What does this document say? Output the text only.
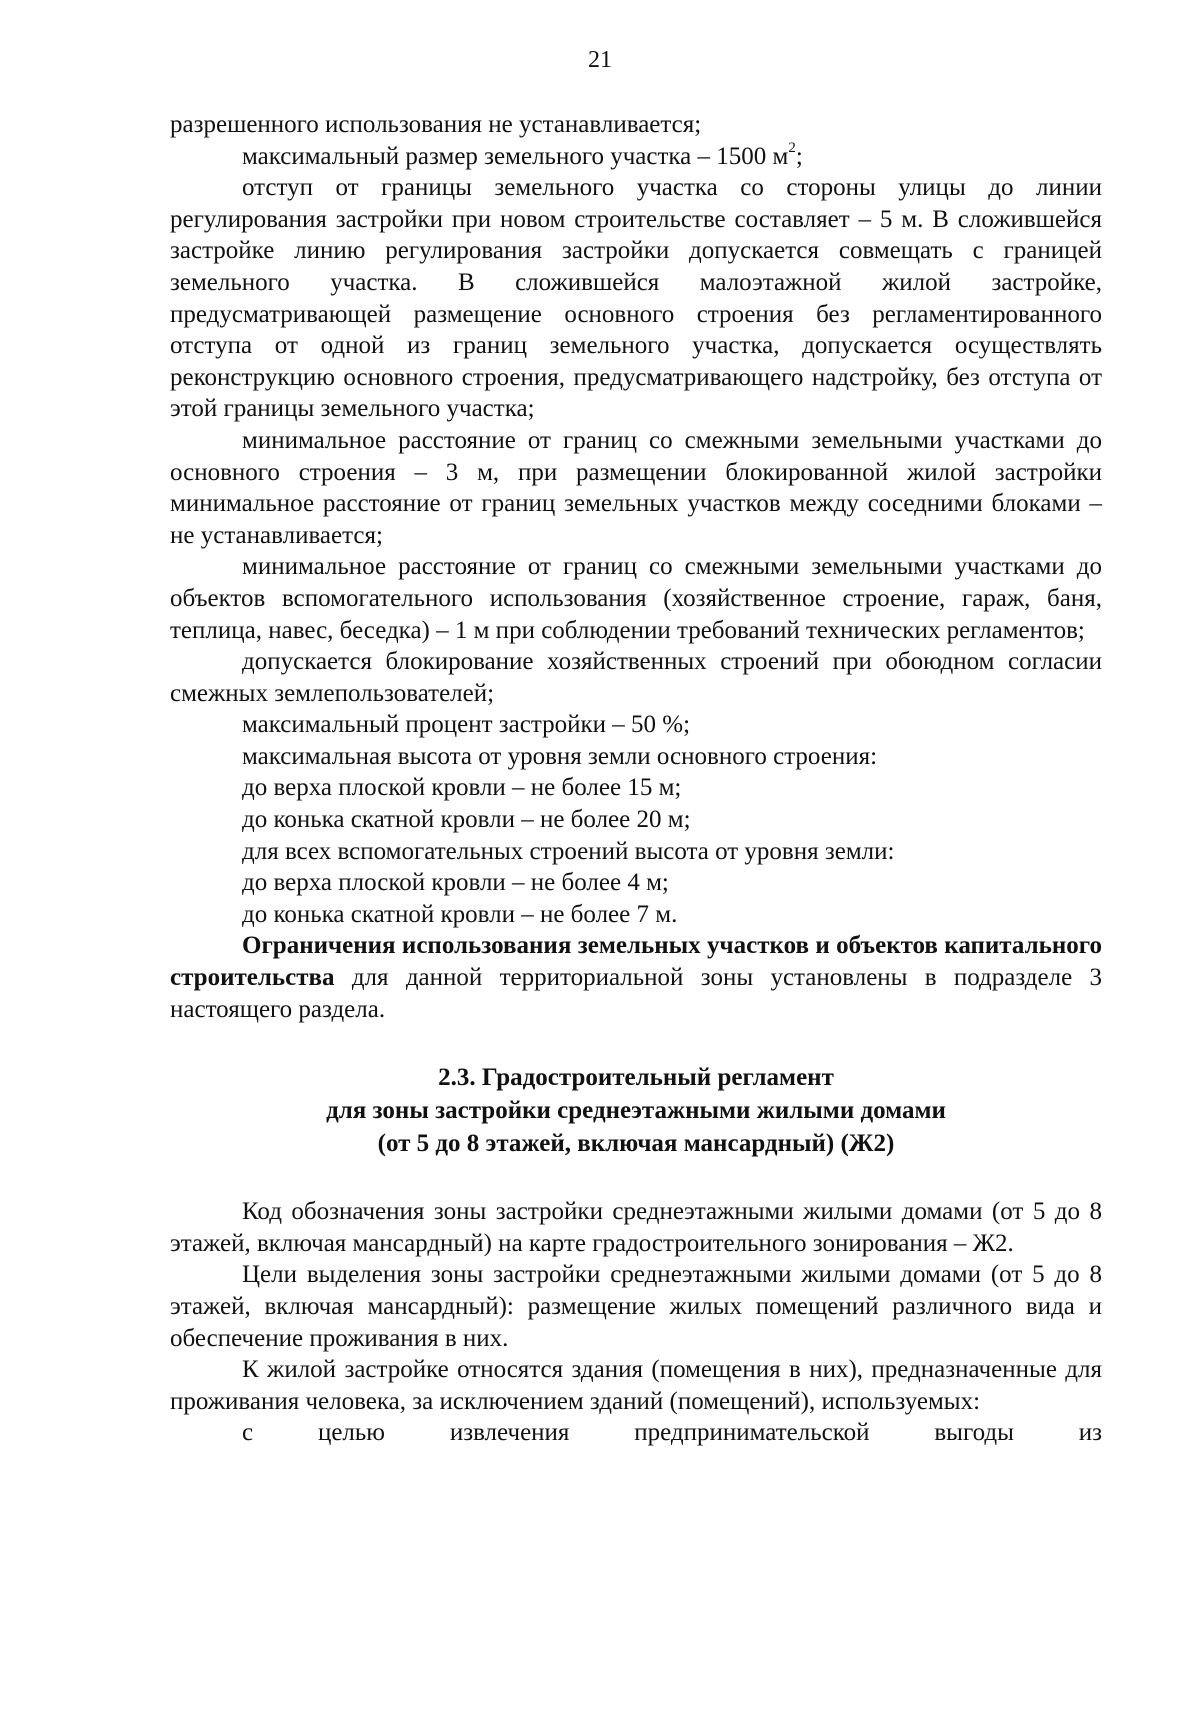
21

разрешенного использования не устанавливается;

максимальный размер земельного участка – 1500 $м^2$;

отступ от границы земельного участка со стороны улицы до линии регулирования застройки при новом строительстве составляет – 5 м. В сложившейся застройке линию регулирования застройки допускается совмещать с границей земельного участка. В сложившейся малоэтажной жилой застройке, предусматривающей размещение основного строения без регламентированного отступа от одной из границ земельного участка, допускается осуществлять реконструкцию основного строения, предусматривающего надстройку, без отступа от этой границы земельного участка;

минимальное расстояние от границ со смежными земельными участками до основного строения – 3 м, при размещении блокированной жилой застройки минимальное расстояние от границ земельных участков между соседними блоками – не устанавливается;

минимальное расстояние от границ со смежными земельными участками до объектов вспомогательного использования (хозяйственное строение, гараж, баня, теплица, навес, беседка) – 1 м при соблюдении требований технических регламентов;

допускается блокирование хозяйственных строений при обоюдном согласии смежных землепользователей;

максимальный процент застройки – 50 %;

максимальная высота от уровня земли основного строения:

до верха плоской кровли – не более 15 м;

до конька скатной кровли – не более 20 м;

для всех вспомогательных строений высота от уровня земли:

до верха плоской кровли – не более 4 м;

до конька скатной кровли – не более 7 м.

Ограничения использования земельных участков и объектов капитального строительства для данной территориальной зоны установлены в подразделе 3 настоящего раздела.

2.3. Градостроительный регламент
для зоны застройки среднеэтажными жилыми домами
(от 5 до 8 этажей, включая мансардный) (Ж2)

Код обозначения зоны застройки среднеэтажными жилыми домами (от 5 до 8 этажей, включая мансардный) на карте градостроительного зонирования – Ж2.

Цели выделения зоны застройки среднеэтажными жилыми домами (от 5 до 8 этажей, включая мансардный): размещение жилых помещений различного вида и обеспечение проживания в них.

К жилой застройке относятся здания (помещения в них), предназначенные для проживания человека, за исключением зданий (помещений), используемых:

с целью извлечения предпринимательской выгоды из
